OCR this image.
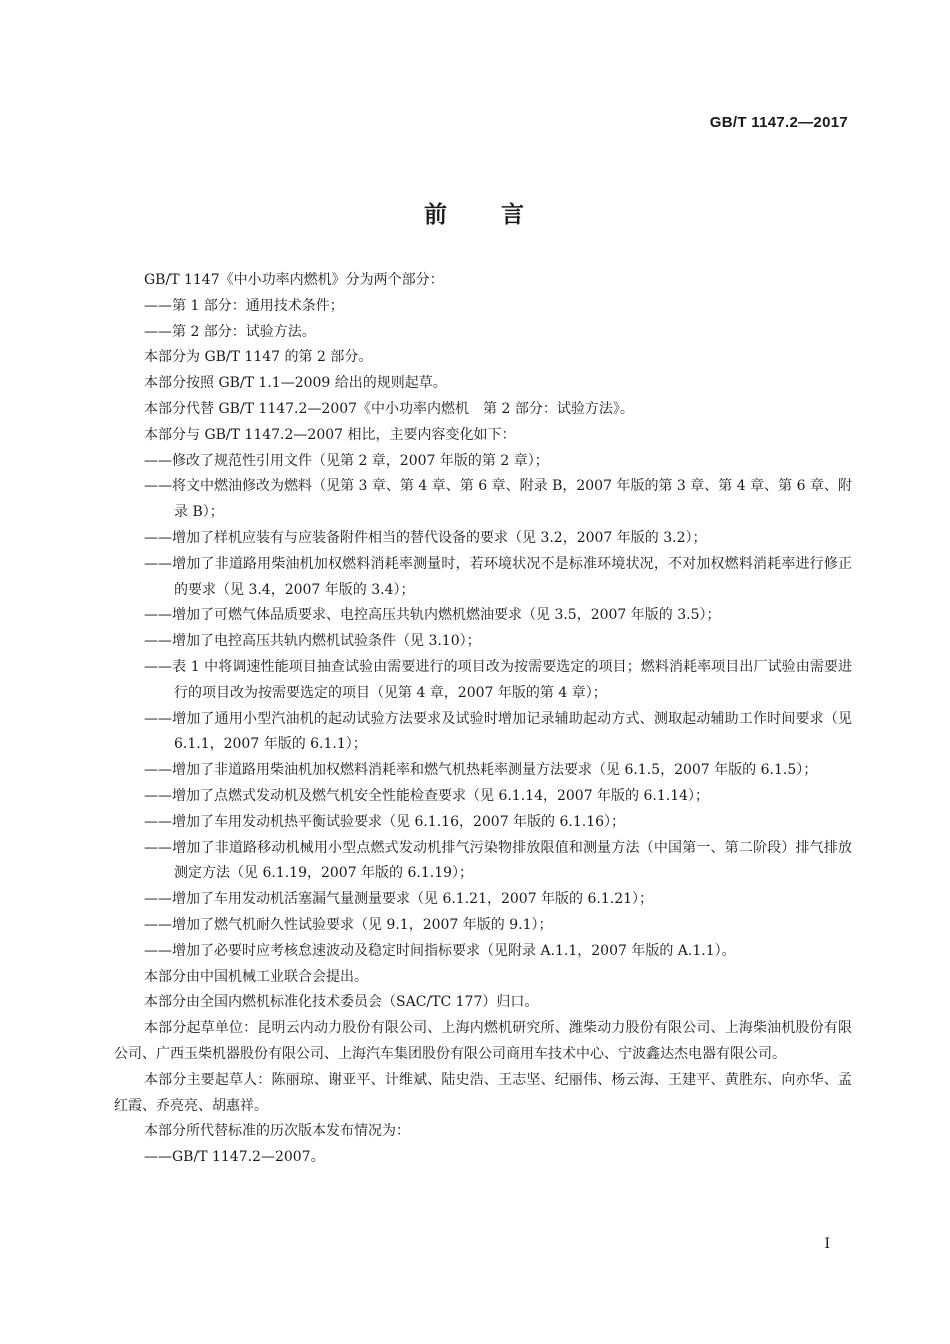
GB/T 1147.2—2017
前 言

GB/T 1147《中小功率内燃机》分为两个部分：

——第 1 部分：通用技术条件；

——第 2 部分：试验方法。

本部分为 GB/T 1147 的第 2 部分。

本部分按照 GB/T 1.1—2009 给出的规则起草。

本部分代替 GB/T 1147.2—2007《中小功率内燃机　第 2 部分：试验方法》。

本部分与 GB/T 1147.2—2007 相比，主要内容变化如下：

——修改了规范性引用文件（见第 2 章，2007 年版的第 2 章）；

——将文中燃油修改为燃料（见第 3 章、第 4 章、第 6 章、附录 B，2007 年版的第 3 章、第 4 章、第 6 章、附录 B）；

——增加了样机应装有与应装备附件相当的替代设备的要求（见 3.2，2007 年版的 3.2）；

——增加了非道路用柴油机加权燃料消耗率测量时，若环境状况不是标准环境状况，不对加权燃料消耗率进行修正的要求（见 3.4，2007 年版的 3.4）；

——增加了可燃气体品质要求、电控高压共轨内燃机燃油要求（见 3.5，2007 年版的 3.5）；

——增加了电控高压共轨内燃机试验条件（见 3.10）；

——表 1 中将调速性能项目抽查试验由需要进行的项目改为按需要选定的项目；燃料消耗率项目出厂试验由需要进行的项目改为按需要选定的项目（见第 4 章，2007 年版的第 4 章）；

——增加了通用小型汽油机的起动试验方法要求及试验时增加记录辅助起动方式、测取起动辅助工作时间要求（见 6.1.1，2007 年版的 6.1.1）；

——增加了非道路用柴油机加权燃料消耗率和燃气机热耗率测量方法要求（见 6.1.5，2007 年版的 6.1.5）；

——增加了点燃式发动机及燃气机安全性能检查要求（见 6.1.14，2007 年版的 6.1.14）；

——增加了车用发动机热平衡试验要求（见 6.1.16，2007 年版的 6.1.16）；

——增加了非道路移动机械用小型点燃式发动机排气污染物排放限值和测量方法（中国第一、第二阶段）排气排放测定方法（见 6.1.19，2007 年版的 6.1.19）；

——增加了车用发动机活塞漏气量测量要求（见 6.1.21，2007 年版的 6.1.21）；

——增加了燃气机耐久性试验要求（见 9.1，2007 年版的 9.1）；

——增加了必要时应考核怠速波动及稳定时间指标要求（见附录 A.1.1，2007 年版的 A.1.1）。

本部分由中国机械工业联合会提出。

本部分由全国内燃机标准化技术委员会（SAC/TC 177）归口。

本部分起草单位：昆明云内动力股份有限公司、上海内燃机研究所、潍柴动力股份有限公司、上海柴油机股份有限公司、广西玉柴机器股份有限公司、上海汽车集团股份有限公司商用车技术中心、宁波鑫达杰电器有限公司。

本部分主要起草人：陈丽琼、谢亚平、计维斌、陆史浩、王志坚、纪丽伟、杨云海、王建平、黄胜东、向亦华、孟红霞、乔亮亮、胡惠祥。

本部分所代替标准的历次版本发布情况为：

——GB/T 1147.2—2007。

I
